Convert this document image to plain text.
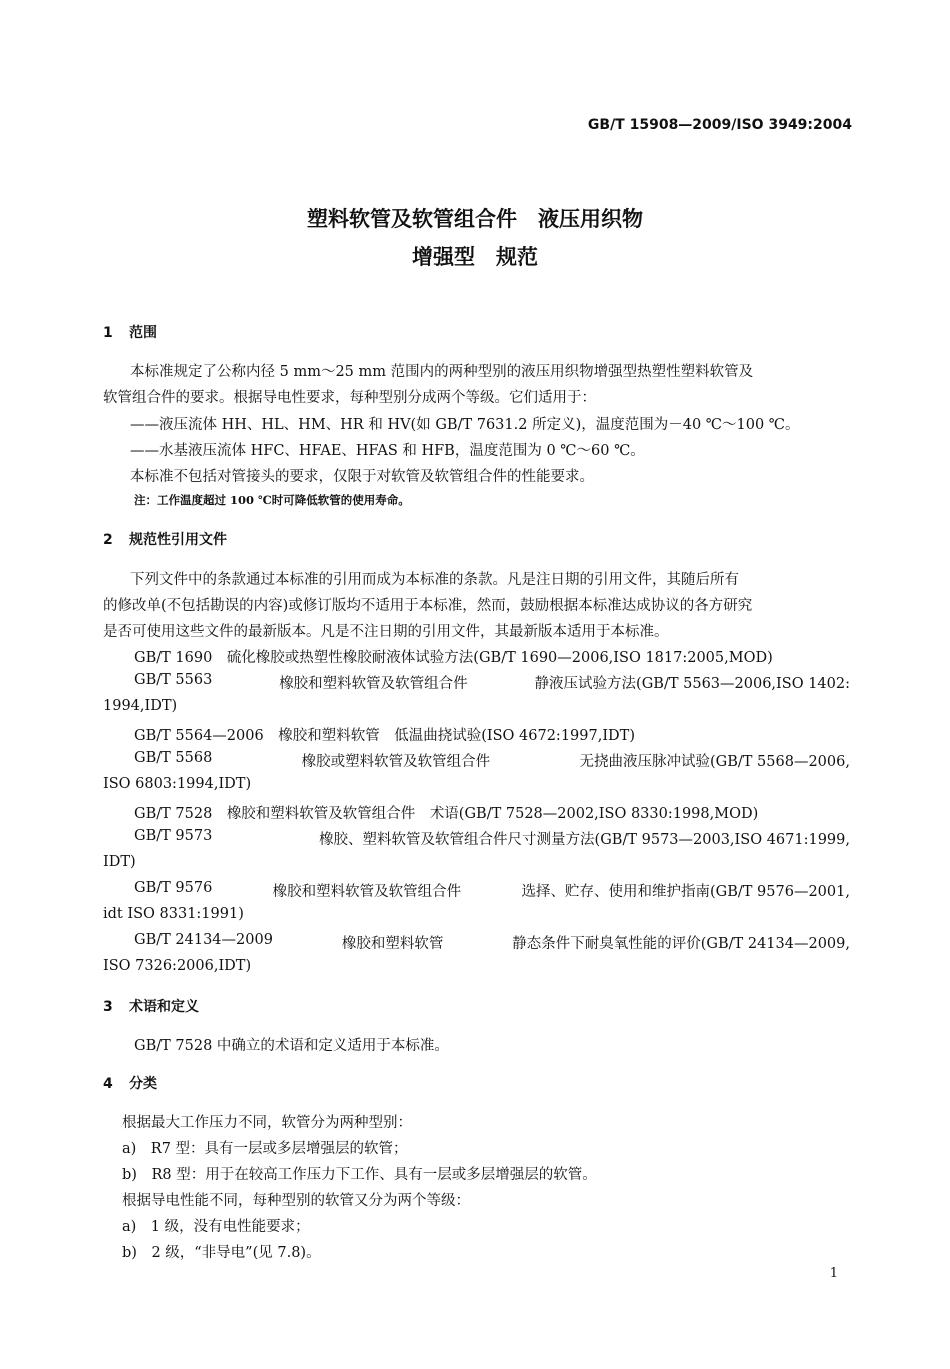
GB/T 15908—2009/ISO 3949:2004
塑料软管及软管组合件　液压用织物
增强型　规范
1 范围
本标准规定了公称内径 5 mm～25 mm 范围内的两种型别的液压用织物增强型热塑性塑料软管及
软管组合件的要求。根据导电性要求，每种型别分成两个等级。它们适用于：
——液压流体 HH、HL、HM、HR 和 HV(如 GB/T 7631.2 所定义)，温度范围为－40 ℃～100 ℃。
——水基液压流体 HFC、HFAE、HFAS 和 HFB，温度范围为 0 ℃～60 ℃。
本标准不包括对管接头的要求，仅限于对软管及软管组合件的性能要求。
注：工作温度超过 100 ℃时可降低软管的使用寿命。
2 规范性引用文件
下列文件中的条款通过本标准的引用而成为本标准的条款。凡是注日期的引用文件，其随后所有
的修改单(不包括勘误的内容)或修订版均不适用于本标准，然而，鼓励根据本标准达成协议的各方研究
是否可使用这些文件的最新版本。凡是不注日期的引用文件，其最新版本适用于本标准。
GB/T 1690　 硫化橡胶或热塑性橡胶耐液体试验方法(GB/T 1690—2006,ISO 1817:2005,MOD)
GB/T 5563	橡胶和塑料软管及软管组合件	静液压试验方法(GB/T 5563—2006,ISO 1402:
1994,IDT)
GB/T 5564—2006　 橡胶和塑料软管　 低温曲挠试验(ISO 4672:1997,IDT)
GB/T 5568	橡胶或塑料软管及软管组合件	无挠曲液压脉冲试验(GB/T 5568—2006,
ISO 6803:1994,IDT)
GB/T 7528　 橡胶和塑料软管及软管组合件　 术语(GB/T 7528—2002,ISO 8330:1998,MOD)
GB/T 9573	橡胶、塑料软管及软管组合件尺寸测量方法(GB/T 9573—2003,ISO 4671:1999,
IDT)
GB/T 9576	橡胶和塑料软管及软管组合件	选择、贮存、使用和维护指南(GB/T 9576—2001,
idt ISO 8331:1991)
GB/T 24134—2009	橡胶和塑料软管	静态条件下耐臭氧性能的评价(GB/T 24134—2009,
ISO 7326:2006,IDT)
3 术语和定义
GB/T 7528 中确立的术语和定义适用于本标准。
4 分类
根据最大工作压力不同，软管分为两种型别：
a)　R7 型：具有一层或多层增强层的软管；
b)　R8 型：用于在较高工作压力下工作、具有一层或多层增强层的软管。
根据导电性能不同，每种型别的软管又分为两个等级：
a)　1 级，没有电性能要求；
b)　2 级，“非导电”(见 7.8)。
1
